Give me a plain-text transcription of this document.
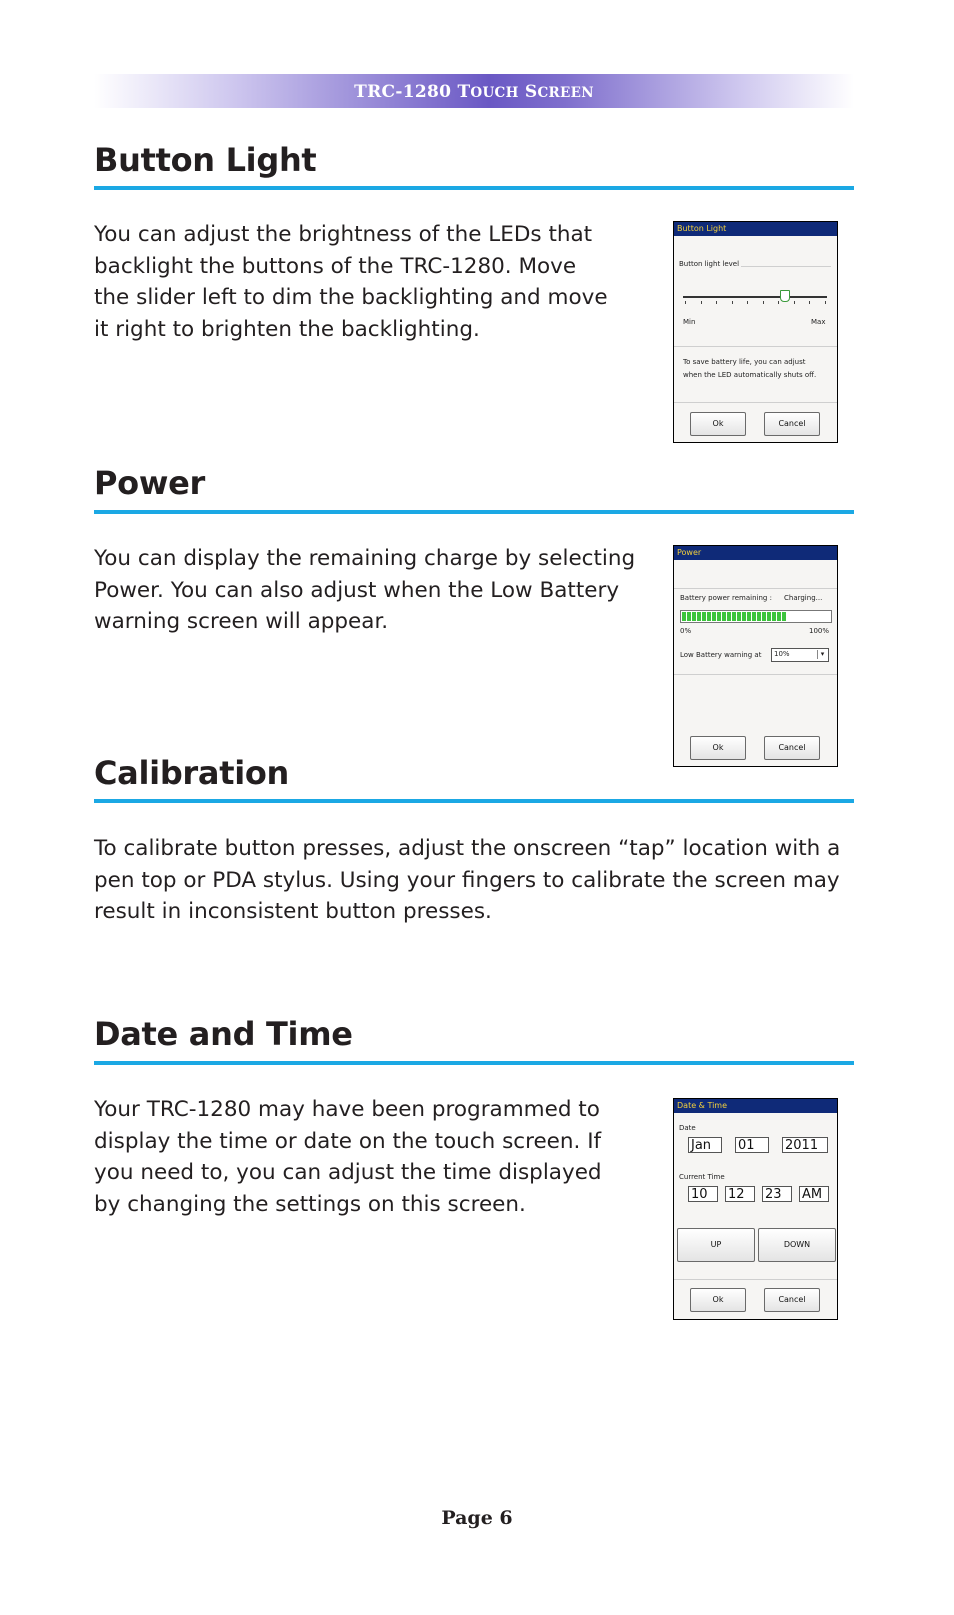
TRC-1280 TOUCH SCREEN
Button Light
You can adjust the brightness of the LEDs that
backlight the buttons of the TRC-1280. Move
the slider left to dim the backlighting and move
it right to brighten the backlighting.
Button Light
Button light level
Min	Max
To save battery life, you can adjust
when the LED automatically shuts off.
Ok	Cancel
Power
You can display the remaining charge by selecting
Power. You can also adjust when the Low Battery
warning screen will appear.
Power
Battery power remaining : Charging...
0%	100%
Low Battery warning at 10%	▾
Ok	Cancel
Calibration
To calibrate button presses, adjust the onscreen “tap” location with a
pen top or PDA stylus. Using your fingers to calibrate the screen may
result in inconsistent button presses.
Date and Time
Your TRC-1280 may have been programmed to
display the time or date on the touch screen. If
you need to, you can adjust the time displayed
by changing the settings on this screen.
Date & Time
Date
Jan	01	2011
Current Time
10	12	23	AM
UP	DOWN
Ok	Cancel
Page 6
